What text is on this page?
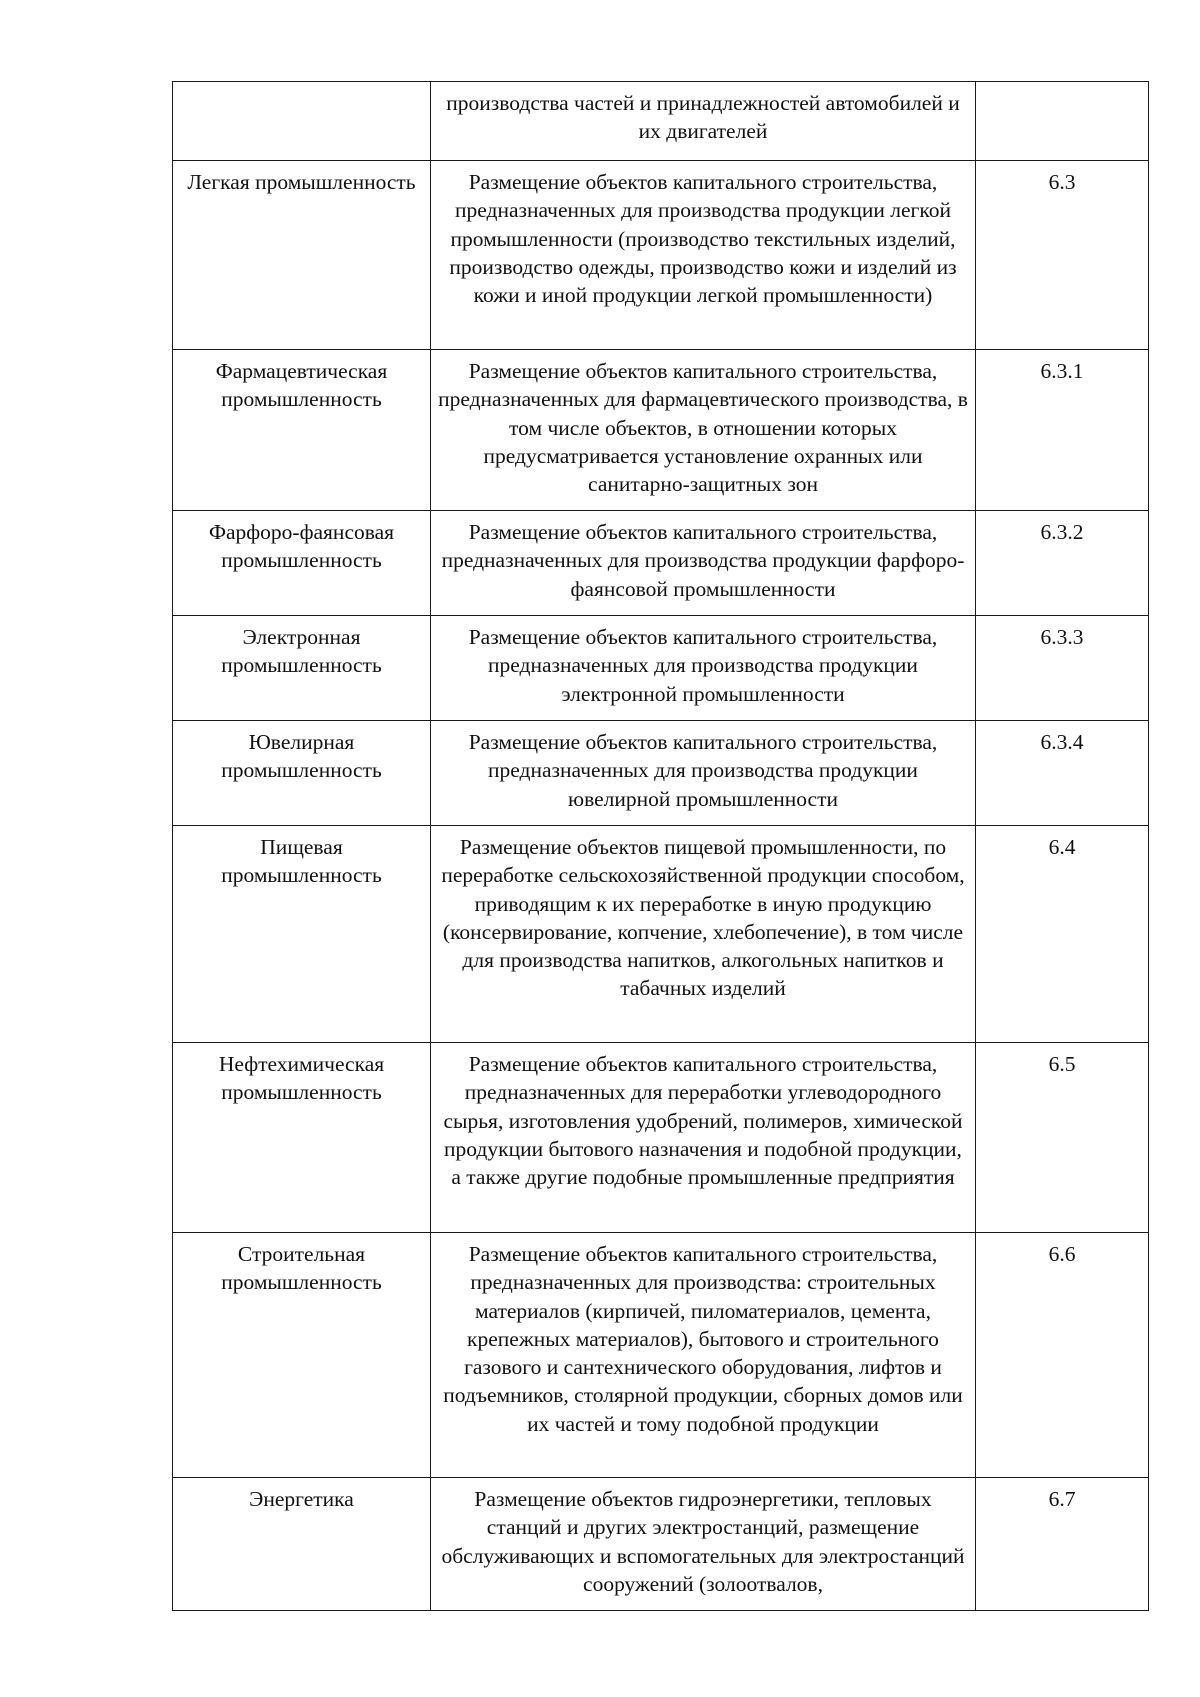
	производства частей и принадлежностей автомобилей и их двигателей	
Легкая промышленность	Размещение объектов капитального строительства, предназначенных для производства продукции легкой промышленности (производство текстильных изделий, производство одежды, производство кожи и изделий из кожи и иной продукции легкой промышленности)	6.3
Фармацевтическая промышленность	Размещение объектов капитального строительства, предназначенных для фармацевтического производства, в том числе объектов, в отношении которых предусматривается установление охранных или санитарно-защитных зон	6.3.1
Фарфоро-фаянсовая промышленность	Размещение объектов капитального строительства, предназначенных для производства продукции фарфоро-фаянсовой промышленности	6.3.2
Электронная промышленность	Размещение объектов капитального строительства, предназначенных для производства продукции электронной промышленности	6.3.3
Ювелирная промышленность	Размещение объектов капитального строительства, предназначенных для производства продукции ювелирной промышленности	6.3.4
Пищевая промышленность	Размещение объектов пищевой промышленности, по переработке сельскохозяйственной продукции способом, приводящим к их переработке в иную продукцию (консервирование, копчение, хлебопечение), в том числе для производства напитков, алкогольных напитков и табачных изделий	6.4
Нефтехимическая промышленность	Размещение объектов капитального строительства, предназначенных для переработки углеводородного сырья, изготовления удобрений, полимеров, химической продукции бытового назначения и подобной продукции, а также другие подобные промышленные предприятия	6.5
Строительная промышленность	Размещение объектов капитального строительства, предназначенных для производства: строительных материалов (кирпичей, пиломатериалов, цемента, крепежных материалов), бытового и строительного газового и сантехнического оборудования, лифтов и подъемников, столярной продукции, сборных домов или их частей и тому подобной продукции	6.6
Энергетика	Размещение объектов гидроэнергетики, тепловых станций и других электростанций, размещение обслуживающих и вспомогательных для электростанций сооружений (золоотвалов,	6.7
